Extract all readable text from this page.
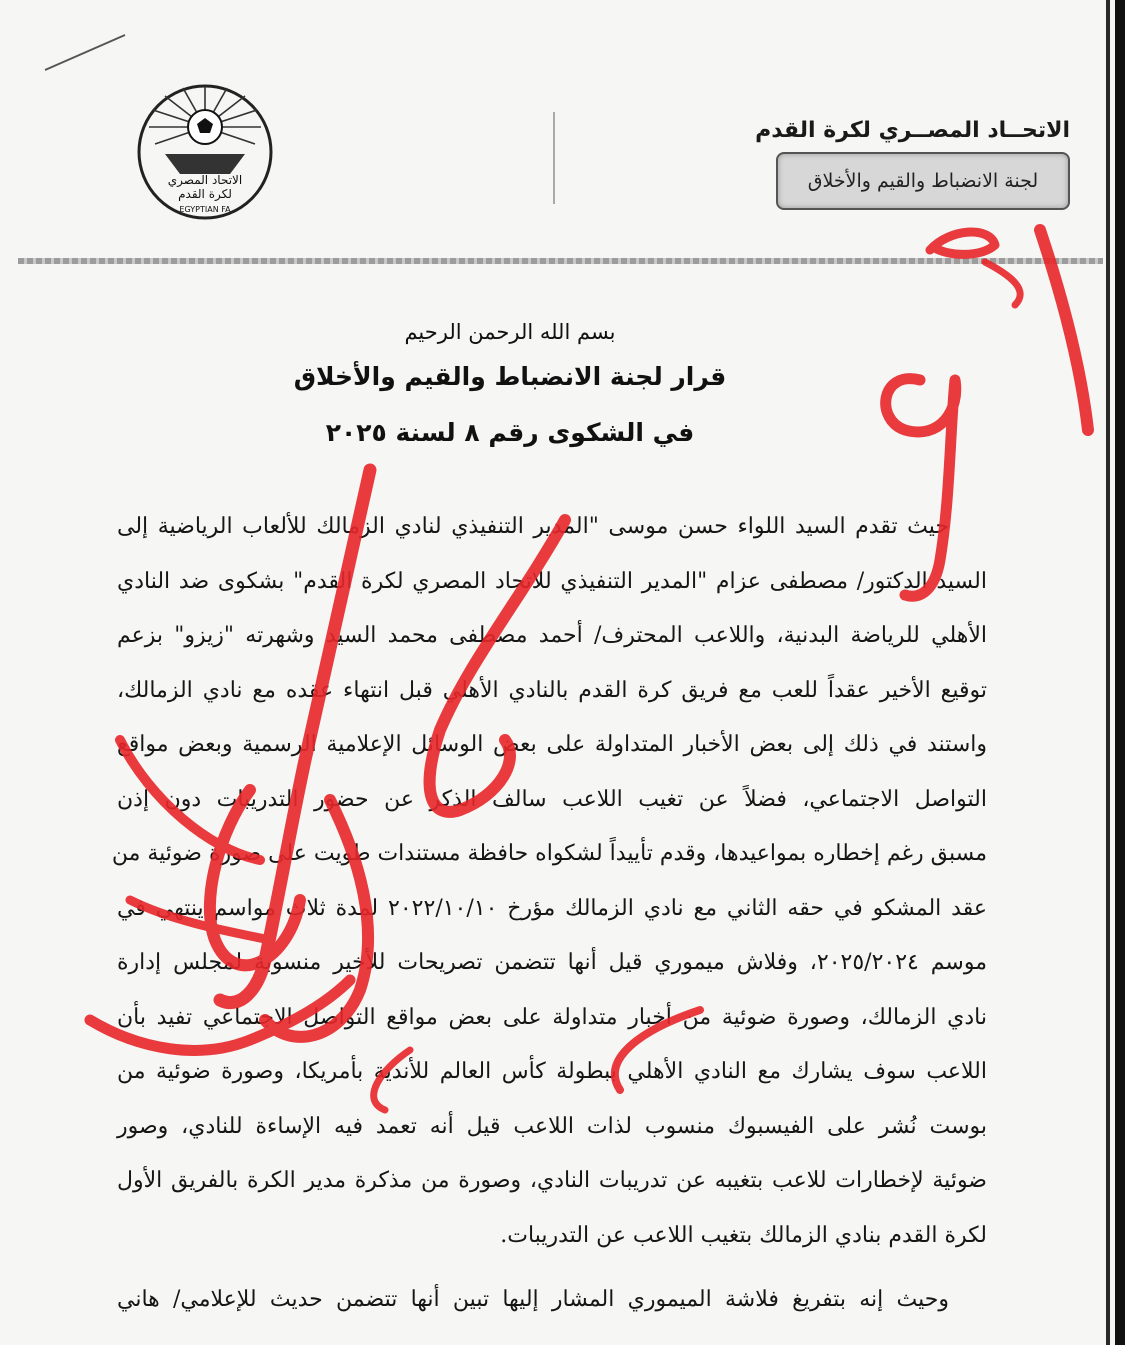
الاتحــاد المصــري لكرة القدم
لجنة الانضباط والقيم والأخلاق
الاتحاد المصري
لكرة القدم
EGYPTIAN FA
بسم الله الرحمن الرحيم
قرار لجنة الانضباط والقيم والأخلاق
في الشكوى رقم ٨ لسنة ٢٠٢٥
حيث تقدم السيد اللواء حسن موسى "المدير التنفيذي لنادي الزمالك للألعاب الرياضية إلى
السيد الدكتور/ مصطفى عزام "المدير التنفيذي للاتحاد المصري لكرة القدم" بشكوى ضد النادي
الأهلي للرياضة البدنية، واللاعب المحترف/ أحمد مصطفى محمد السيد وشهرته "زيزو" بزعم
توقيع الأخير عقداً للعب مع فريق كرة القدم بالنادي الأهلي قبل انتهاء عقده مع نادي الزمالك،
واستند في ذلك إلى بعض الأخبار المتداولة على بعض الوسائل الإعلامية الرسمية وبعض مواقع
التواصل الاجتماعي، فضلاً عن تغيب اللاعب سالف الذكر عن حضور التدريبات دون إذن
مسبق رغم إخطاره بمواعيدها، وقدم تأييداً لشكواه حافظة مستندات طويت على صورة ضوئية من
عقد المشكو في حقه الثاني مع نادي الزمالك مؤرخ ٢٠٢٢/١٠/١٠ لمدة ثلاث مواسم ينتهي في
موسم ٢٠٢٥/٢٠٢٤، وفلاش ميموري قيل أنها تتضمن تصريحات للأخير منسوبة لمجلس إدارة
نادي الزمالك، وصورة ضوئية من أخبار متداولة على بعض مواقع التواصل الاجتماعي تفيد بأن
اللاعب سوف يشارك مع النادي الأهلي ببطولة كأس العالم للأندية بأمريكا، وصورة ضوئية من
بوست نُشر على الفيسبوك منسوب لذات اللاعب قيل أنه تعمد فيه الإساءة للنادي، وصور
ضوئية لإخطارات للاعب بتغيبه عن تدريبات النادي، وصورة من مذكرة مدير الكرة بالفريق الأول
لكرة القدم بنادي الزمالك بتغيب اللاعب عن التدريبات.
وحيث إنه بتفريغ فلاشة الميموري المشار إليها تبين أنها تتضمن حديث للإعلامي/ هاني
